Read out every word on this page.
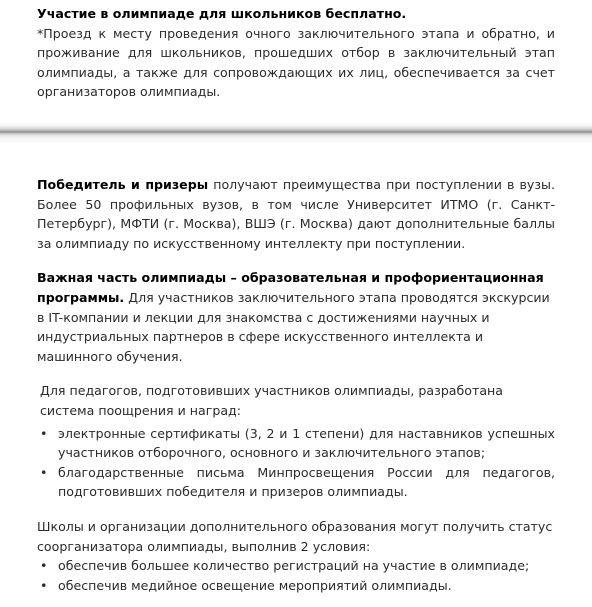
Участие в олимпиаде для школьников бесплатно.

*Проезд к месту проведения очного заключительного этапа и обратно, и проживание для школьников, прошедших отбор в заключительный этап олимпиады, а также для сопровождающих их лиц, обеспечивается за счет организаторов олимпиады.

Победитель и призеры получают преимущества при поступлении в вузы. Более 50 профильных вузов, в том числе Университет ИТМО (г. Санкт-Петербург), МФТИ (г. Москва), ВШЭ (г. Москва) дают дополнительные баллы за олимпиаду по искусственному интеллекту при поступлении.

Важная часть олимпиады – образовательная и профориентационная программы. Для участников заключительного этапа проводятся экскурсии в IT-компании и лекции для знакомства с достижениями научных и индустриальных партнеров в сфере искусственного интеллекта и машинного обучения.

Для педагогов, подготовивших участников олимпиады, разработана система поощрения и наград:

• электронные сертификаты (3, 2 и 1 степени) для наставников успешных участников отборочного, основного и заключительного этапов;
• благодарственные письма Минпросвещения России для педагогов, подготовивших победителя и призеров олимпиады.

Школы и организации дополнительного образования могут получить статус соорганизатора олимпиады, выполнив 2 условия:

• обеспечив большее количество регистраций на участие в олимпиаде;
• обеспечив медийное освещение мероприятий олимпиады.
